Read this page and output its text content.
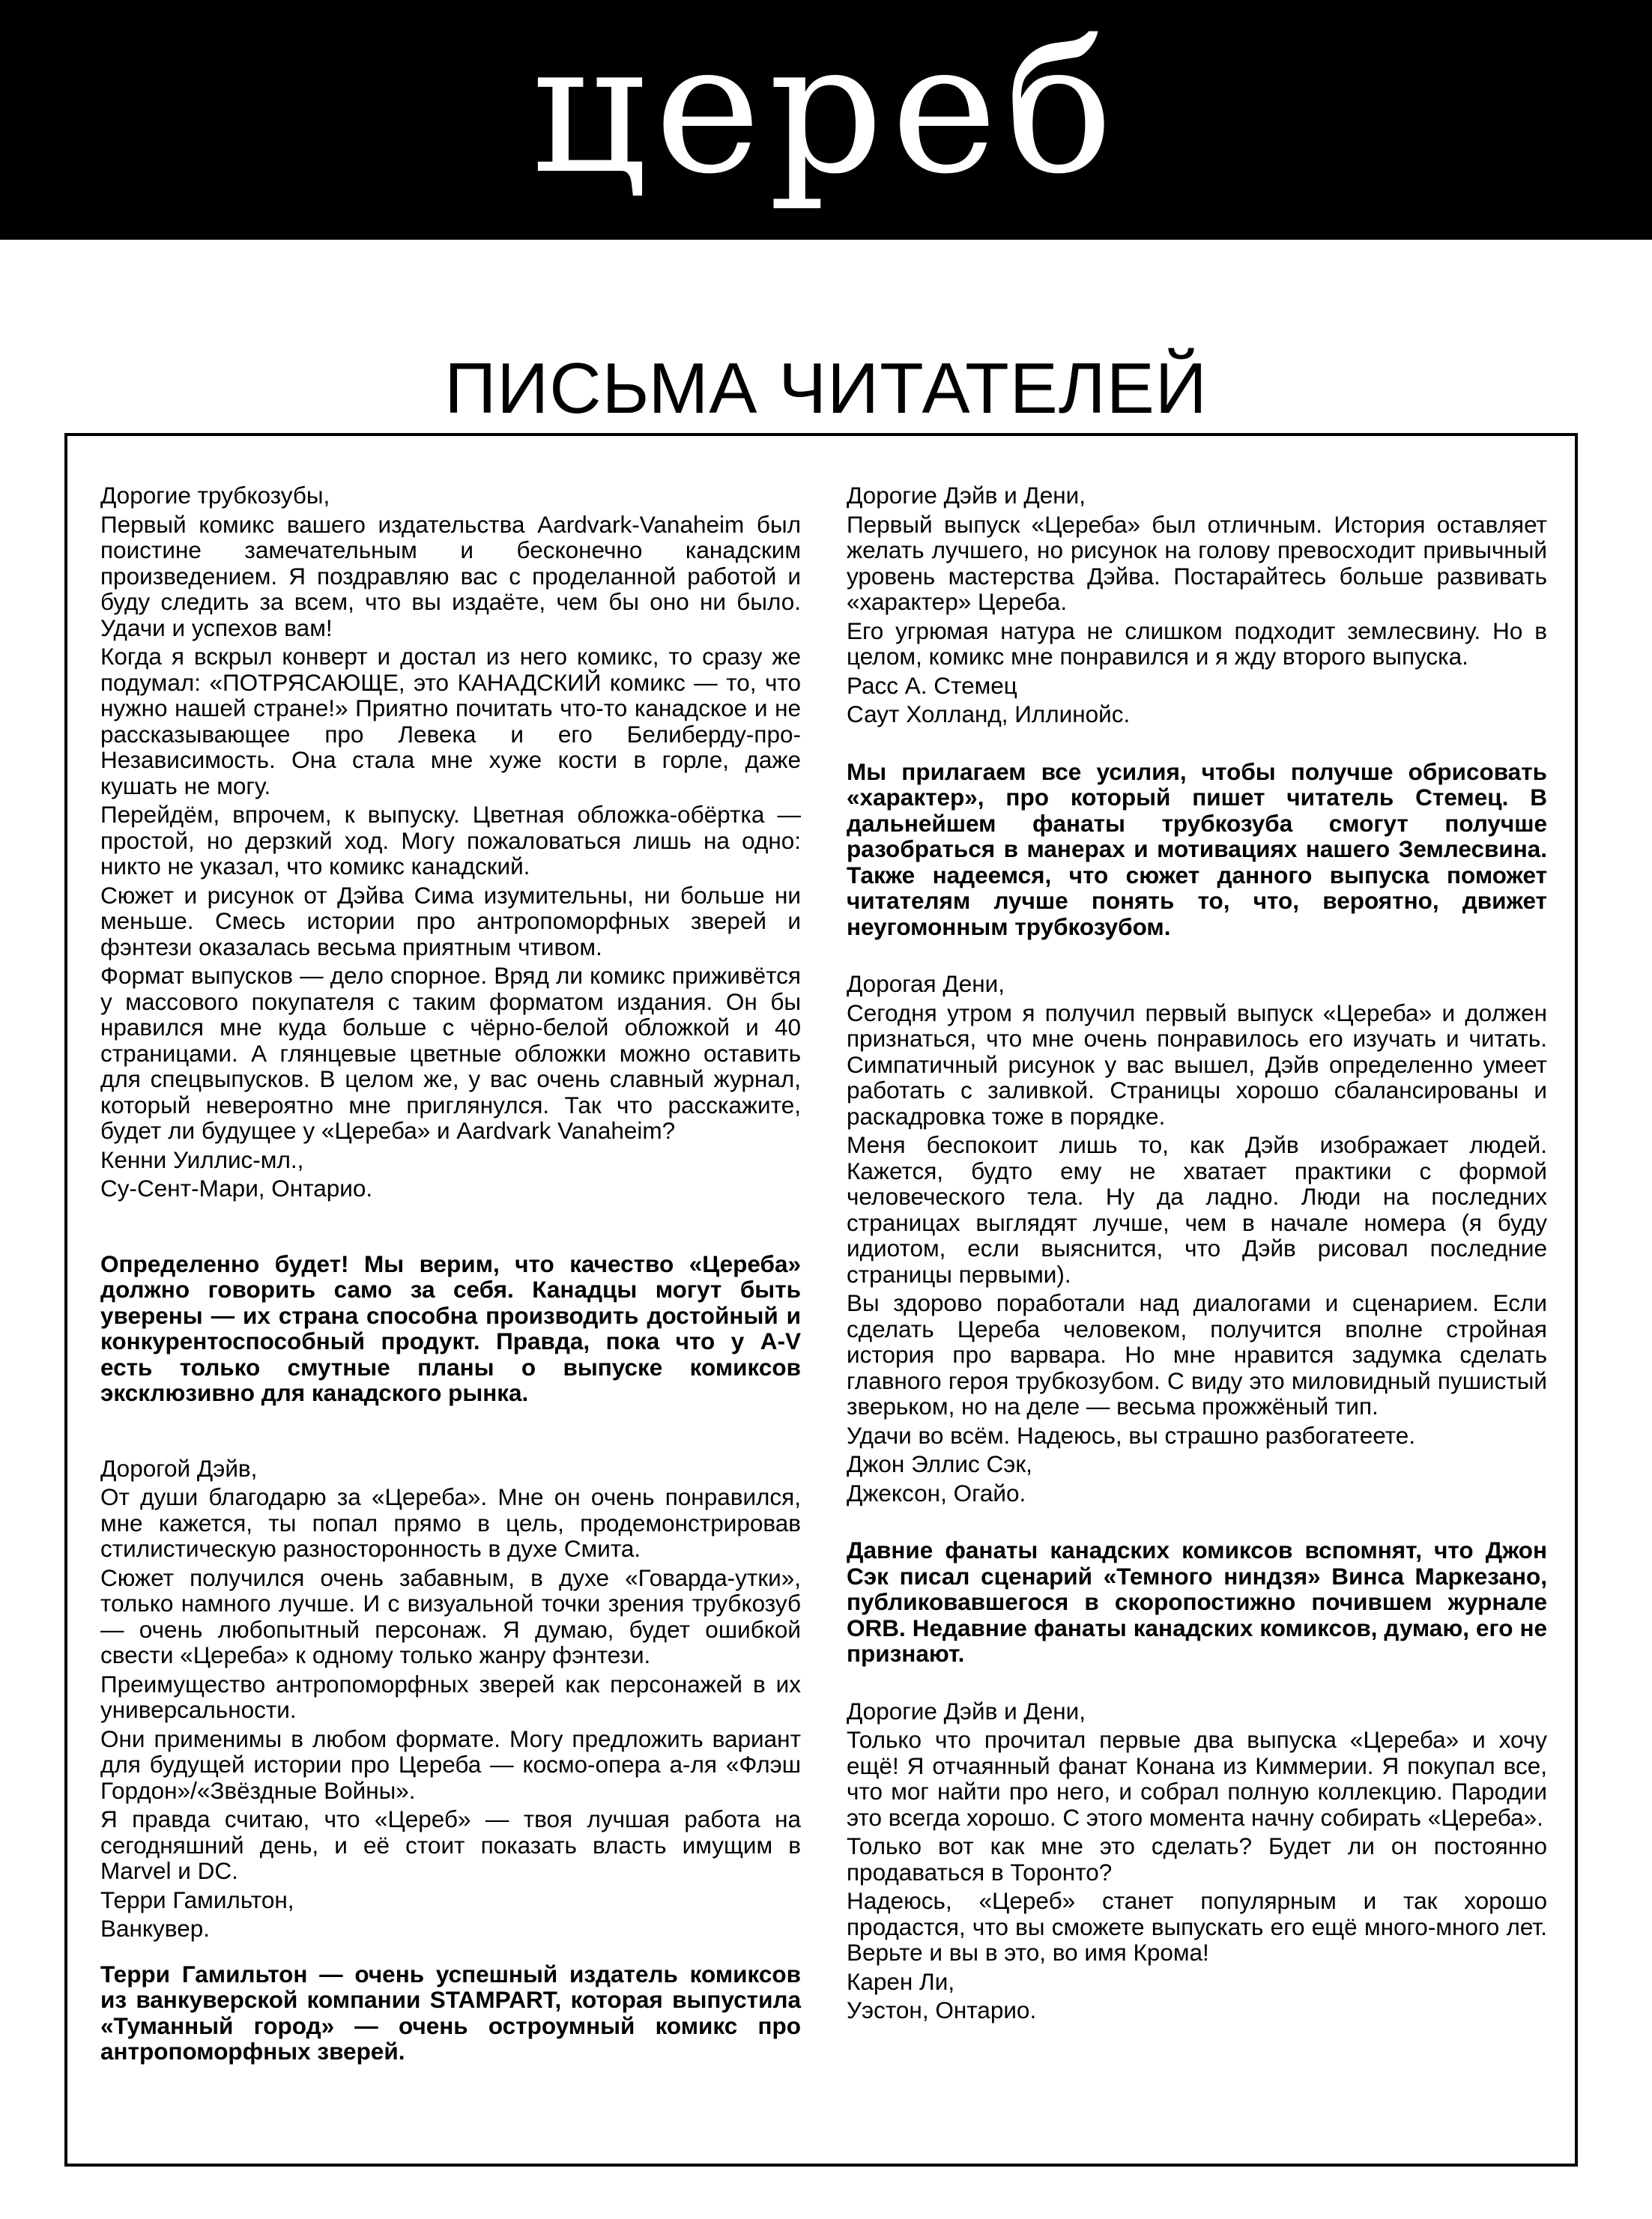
цереб
ПИСЬМА ЧИТАТЕЛЕЙ

Дорогие трубкозубы,

Первый комикс вашего издательства Aardvark-Vanaheim был поистине замечательным и бесконечно канадским произведением. Я поздравляю вас с проделанной работой и буду следить за всем, что вы издаёте, чем бы оно ни было. Удачи и успехов вам!

Когда я вскрыл конверт и достал из него комикс, то сразу же подумал: «ПОТРЯСАЮЩЕ, это КАНАДСКИЙ комикс — то, что нужно нашей стране!» Приятно почитать что-то канадское и не рассказывающее про Левека и его Белиберду-про-Независимость. Она стала мне хуже кости в горле, даже кушать не могу.

Перейдём, впрочем, к выпуску. Цветная обложка-обёртка — простой, но дерзкий ход. Могу пожаловаться лишь на одно: никто не указал, что комикс канадский.

Сюжет и рисунок от Дэйва Сима изумительны, ни больше ни меньше. Смесь истории про антропоморфных зверей и фэнтези оказалась весьма приятным чтивом.

Формат выпусков — дело спорное. Вряд ли комикс приживётся у массового покупателя с таким форматом издания. Он бы нравился мне куда больше с чёрно-белой обложкой и 40 страницами. А глянцевые цветные обложки можно оставить для спецвыпусков. В целом же, у вас очень славный журнал, который невероятно мне приглянулся. Так что расскажите, будет ли будущее у «Цереба» и Aardvark Vanaheim?

Кенни Уиллис-мл.,

Су-Сент-Мари, Онтарио.

Определенно будет! Мы верим, что качество «Цереба» должно говорить само за себя. Канадцы могут быть уверены — их страна способна производить достойный и конкурентоспособный продукт. Правда, пока что у A-V есть только смутные планы о выпуске комиксов эксклюзивно для канадского рынка.

Дорогой Дэйв,

От души благодарю за «Цереба». Мне он очень понравился, мне кажется, ты попал прямо в цель, продемонстрировав стилистическую разносторонность в духе Смита.

Сюжет получился очень забавным, в духе «Говарда-утки», только намного лучше. И с визуальной точки зрения трубкозуб — очень любопытный персонаж. Я думаю, будет ошибкой свести «Цереба» к одному только жанру фэнтези.

Преимущество антропоморфных зверей как персонажей в их универсальности.

Они применимы в любом формате. Могу предложить вариант для будущей истории про Цереба — космо-опера а-ля «Флэш Гордон»/«Звёздные Войны».

Я правда считаю, что «Цереб» — твоя лучшая работа на сегодняшний день, и её стоит показать власть имущим в Marvel и DC.

Терри Гамильтон,

Ванкувер.

Терри Гамильтон — очень успешный издатель комиксов из ванкуверской компании STAMPART, которая выпустила «Туманный город» — очень остроумный комикс про антропоморфных зверей.

Дорогие Дэйв и Дени,

Первый выпуск «Цереба» был отличным. История оставляет желать лучшего, но рисунок на голову превосходит привычный уровень мастерства Дэйва. Постарайтесь больше развивать «характер» Цереба.

Его угрюмая натура не слишком подходит землесвину. Но в целом, комикс мне понравился и я жду второго выпуска.

Расс А. Стемец

Саут Холланд, Иллинойс.

Мы прилагаем все усилия, чтобы получше обрисовать «характер», про который пишет читатель Стемец. В дальнейшем фанаты трубкозуба смогут получше разобраться в манерах и мотивациях нашего Землесвина. Также надеемся, что сюжет данного выпуска поможет читателям лучше понять то, что, вероятно, движет неугомонным трубкозубом.

Дорогая Дени,

Сегодня утром я получил первый выпуск «Цереба» и должен признаться, что мне очень понравилось его изучать и читать. Симпатичный рисунок у вас вышел, Дэйв определенно умеет работать с заливкой. Страницы хорошо сбалансированы и раскадровка тоже в порядке.

Меня беспокоит лишь то, как Дэйв изображает людей. Кажется, будто ему не хватает практики с формой человеческого тела. Ну да ладно. Люди на последних страницах выглядят лучше, чем в начале номера (я буду идиотом, если выяснится, что Дэйв рисовал последние страницы первыми).

Вы здорово поработали над диалогами и сценарием. Если сделать Цереба человеком, получится вполне стройная история про варвара. Но мне нравится задумка сделать главного героя трубкозубом. С виду это миловидный пушистый зверьком, но на деле — весьма прожжёный тип.

Удачи во всём. Надеюсь, вы страшно разбогатеете.

Джон Эллис Сэк,

Джексон, Огайо.

Давние фанаты канадских комиксов вспомнят, что Джон Сэк писал сценарий «Темного ниндзя» Винса Маркезано, публиковавшегося в скоропостижно почившем журнале ORB. Недавние фанаты канадских комиксов, думаю, его не признают.

Дорогие Дэйв и Дени,

Только что прочитал первые два выпуска «Цереба» и хочу ещё! Я отчаянный фанат Конана из Киммерии. Я покупал все, что мог найти про него, и собрал полную коллекцию. Пародии это всегда хорошо. С этого момента начну собирать «Цереба».

Только вот как мне это сделать? Будет ли он постоянно продаваться в Торонто?

Надеюсь, «Цереб» станет популярным и так хорошо продастся, что вы сможете выпускать его ещё много-много лет. Верьте и вы в это, во имя Крома!

Карен Ли,

Уэстон, Онтарио.
